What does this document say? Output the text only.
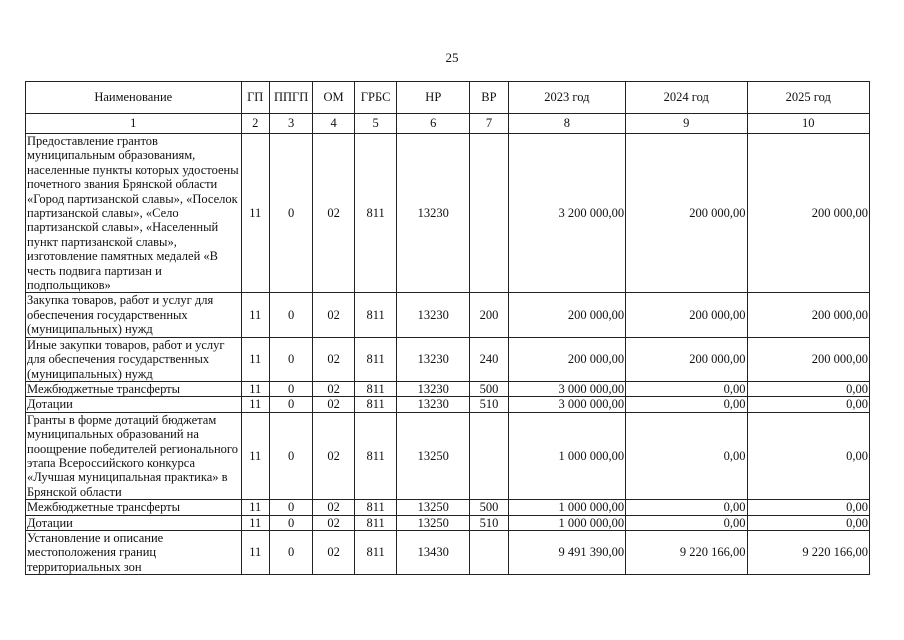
25
Наименование	ГП	ППГП	ОМ	ГРБС	НР	ВР	2023 год	2024 год	2025 год
1	2	3	4	5	6	7	8	9	10
Предоставление грантов муниципальным образованиям, населенные пункты которых удостоены почетного звания Брянской области «Город партизанской славы», «Поселок партизанской славы», «Село партизанской славы», «Населенный пункт партизанской славы», изготовление памятных медалей «В честь подвига партизан и подпольщиков»	11	0	02	811	13230		3 200 000,00	200 000,00	200 000,00
Закупка товаров, работ и услуг для обеспечения государственных (муниципальных) нужд	11	0	02	811	13230	200	200 000,00	200 000,00	200 000,00
Иные закупки товаров, работ и услуг для обеспечения государственных (муниципальных) нужд	11	0	02	811	13230	240	200 000,00	200 000,00	200 000,00
Межбюджетные трансферты	11	0	02	811	13230	500	3 000 000,00	0,00	0,00
Дотации	11	0	02	811	13230	510	3 000 000,00	0,00	0,00
Гранты в форме дотаций бюджетам муниципальных образований на поощрение победителей регионального этапа Всероссийского конкурса «Лучшая муниципальная практика» в Брянской области	11	0	02	811	13250		1 000 000,00	0,00	0,00
Межбюджетные трансферты	11	0	02	811	13250	500	1 000 000,00	0,00	0,00
Дотации	11	0	02	811	13250	510	1 000 000,00	0,00	0,00
Установление и описание местоположения границ территориальных зон	11	0	02	811	13430		9 491 390,00	9 220 166,00	9 220 166,00
